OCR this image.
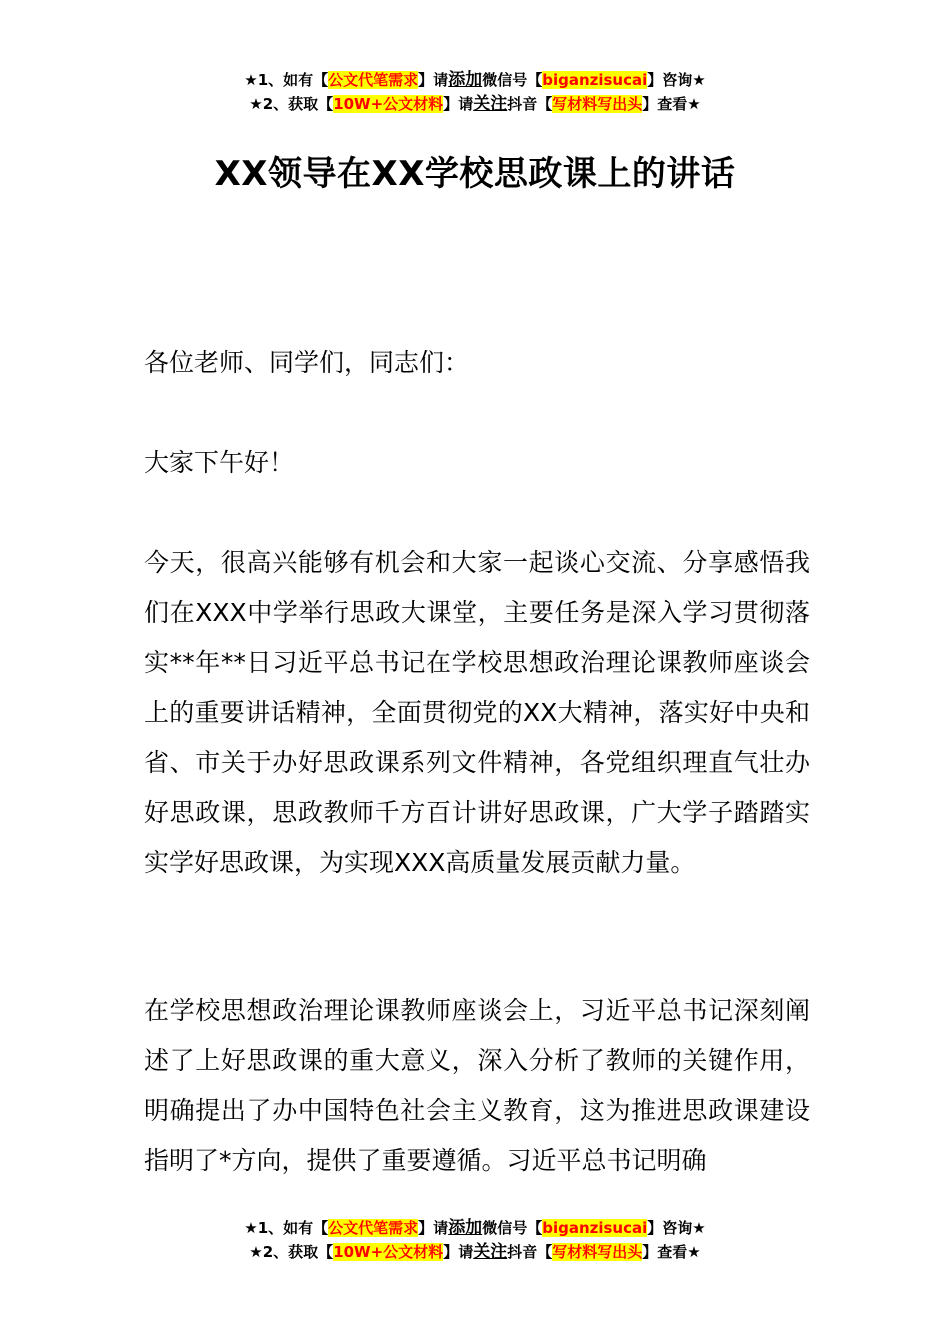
★1、如有【公文代笔需求】请添加微信号【biganzisucai】咨询★
★2、获取【10W+公文材料】请关注抖音【写材料写出头】查看★
XX领导在XX学校思政课上的讲话

各位老师、同学们，同志们：

大家下午好！

今天，很高兴能够有机会和大家一起谈心交流、分享感悟我们在XXX中学举行思政大课堂，主要任务是深入学习贯彻落实**年**日习近平总书记在学校思想政治理论课教师座谈会上的重要讲话精神，全面贯彻党的XX大精神，落实好中央和省、市关于办好思政课系列文件精神，各党组织理直气壮办好思政课，思政教师千方百计讲好思政课，广大学子踏踏实实学好思政课，为实现XXX高质量发展贡献力量。

在学校思想政治理论课教师座谈会上，习近平总书记深刻阐述了上好思政课的重大意义，深入分析了教师的关键作用，明确提出了办中国特色社会主义教育，这为推进思政课建设指明了*方向，提供了重要遵循。习近平总书记明确

★1、如有【公文代笔需求】请添加微信号【biganzisucai】咨询★
★2、获取【10W+公文材料】请关注抖音【写材料写出头】查看★
